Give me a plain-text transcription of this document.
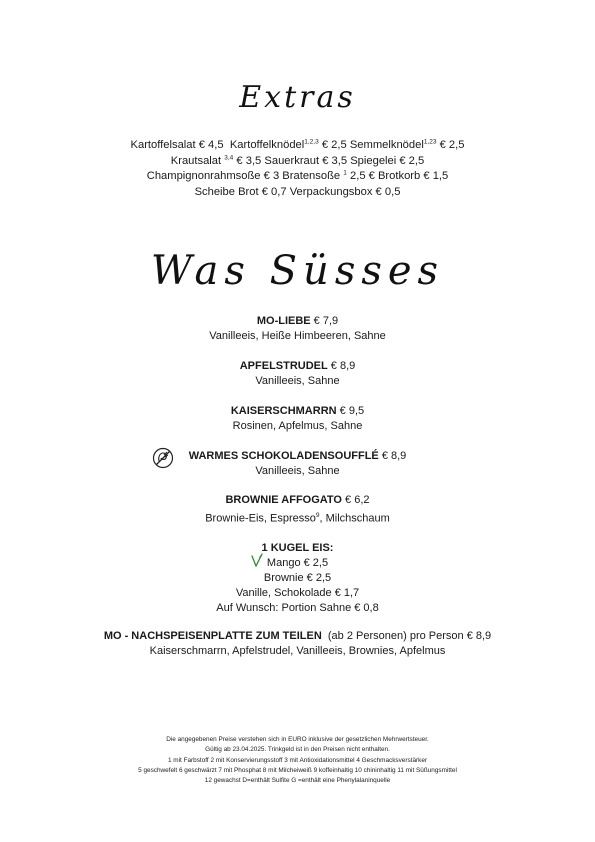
Extras
Kartoffelsalat € 4,5  Kartoffelknödel$^{1,2,3}$ € 2,5 Semmelknödel$^{1,23}$ € 2,5
Krautsalat $^{3,4}$ € 3,5 Sauerkraut € 3,5 Spiegelei € 2,5
Champignonrahmsoße € 3 Bratensoße $^1$ 2,5 € Brotkorb € 1,5
Scheibe Brot € 0,7 Verpackungsbox € 0,5
Was Süsses
MO-LIEBE € 7,9
Vanilleeis, Heiße Himbeeren, Sahne
APFELSTRUDEL € 8,9
Vanilleeis, Sahne
KAISERSCHMARRN € 9,5
Rosinen, Apfelmus, Sahne
WARMES SCHOKOLADENSOUFFLÉ € 8,9
Vanilleeis, Sahne
BROWNIE AFFOGATO € 6,2
Brownie-Eis, Espresso$^9$, Milchschaum
1 KUGEL EIS:
Mango € 2,5
Brownie € 2,5
Vanille, Schokolade € 1,7
Auf Wunsch: Portion Sahne € 0,8
MO - NACHSPEISENPLATTE ZUM TEILEN  (ab 2 Personen) pro Person € 8,9
Kaiserschmarrn, Apfelstrudel, Vanilleeis, Brownies, Apfelmus
Die angegebenen Preise verstehen sich in EURO inklusive der gesetzlichen Mehrwertsteuer.
Gültig ab 23.04.2025. Trinkgeld ist in den Preisen nicht enthalten.
1 mit Farbstoff 2 mit Konservierungsstoff 3 mit Antioxidationsmittel 4 Geschmacksverstärker
5 geschwefelt 6 geschwärzt 7 mit Phosphat 8 mit Milcheiweiß 9 koffeinhaltig 10 chininhaltig 11 mit Süßungsmittel
12 gewachst D=enthält Sulfite G =enthält eine Phenylalaninquelle
